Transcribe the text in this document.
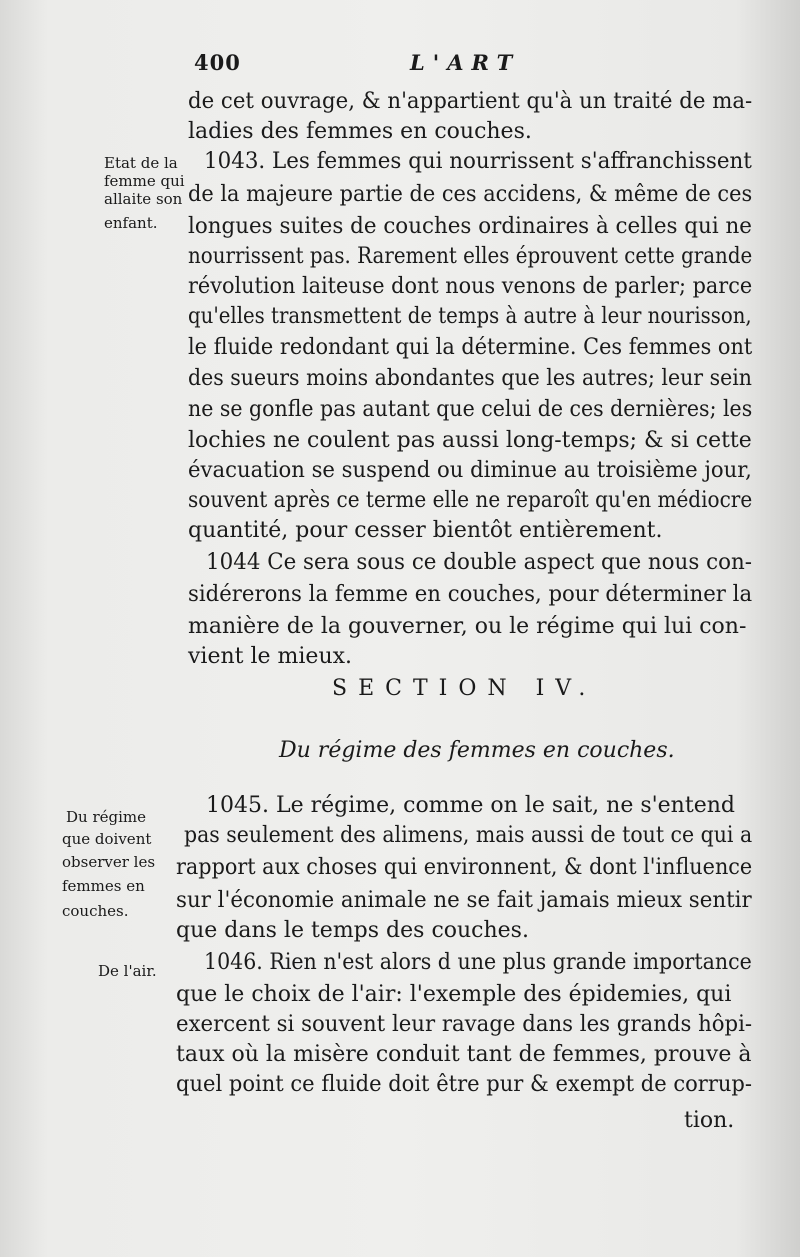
400	L'ART
Etat de la
femme qui
allaite son
enfant.
Du régime
que doivent
observer les
femmes en
couches.
De l'air.
de cet ouvrage, & n'appartient qu'à un traité de ma-
ladies des femmes en couches.
1043. Les femmes qui nourrissent s'affranchissent
de la majeure partie de ces accidens, & même de ces
longues suites de couches ordinaires à celles qui ne
nourrissent pas. Rarement elles éprouvent cette grande
révolution laiteuse dont nous venons de parler; parce
qu'elles transmettent de temps à autre à leur nourisson,
le fluide redondant qui la détermine. Ces femmes ont
des sueurs moins abondantes que les autres; leur sein
ne se gonfle pas autant que celui de ces dernières; les
lochies ne coulent pas aussi long-temps; & si cette
évacuation se suspend ou diminue au troisième jour,
souvent après ce terme elle ne reparoît qu'en médiocre
quantité, pour cesser bientôt entièrement.
1044 Ce sera sous ce double aspect que nous con-
sidérerons la femme en couches, pour déterminer la
manière de la gouverner, ou le régime qui lui con-
vient le mieux.
SECTION IV.
Du régime des femmes en couches.
1045. Le régime, comme on le sait, ne s'entend
pas seulement des alimens, mais aussi de tout ce qui a
rapport aux choses qui environnent, & dont l'influence
sur l'économie animale ne se fait jamais mieux sentir
que dans le temps des couches.
1046. Rien n'est alors d une plus grande importance
que le choix de l'air: l'exemple des épidemies, qui
exercent si souvent leur ravage dans les grands hôpi-
taux où la misère conduit tant de femmes, prouve à
quel point ce fluide doit être pur & exempt de corrup-
tion.
